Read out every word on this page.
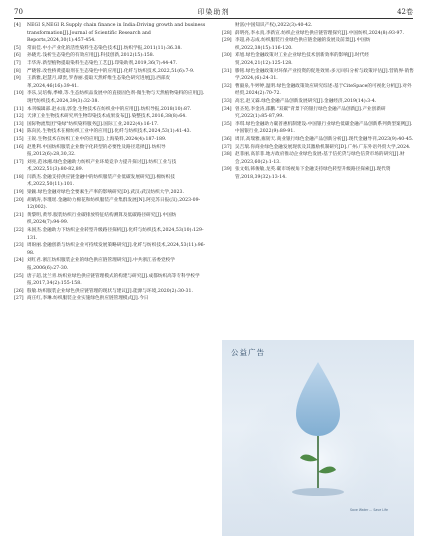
70	印染助剂	42卷
[4]	NEGI S,NEGI R.Supply chain finance in India:Driving growth and business transformation[J].Journal of Scientific Research and Reports,2024,30(1):457-454.
[5]	常雨佳.中小产业化的活性染料生态染色技术[J].纺织学报,2011(11):36.38.
[6]	孙晓光.浅析生态染色的有效应用[J].科技创新,2012(15):158.
[7]	丰华涛.新型植物提取染料生态染色工艺[J].印染助剂,2019,36(7):44-47.
[8]	严晓蓉.改性桥黄提取剂在生态染色中的应用[J].化纤与纺织技术,2022,51(6):7-9.
[9]	王新雅,赵慧月,谭贵,罗春丽.提取天然纤维生态染色研究进展[J].西部皮革,2024,46(16):39-41.
[10] 李乐,吴培梅,季峰,等.生态纺织品发展中的直接固色剂-微生物与天然植物染料的应用[J].现代纺织技术,2024,39(3):32-38.
[11] 本刊编辑部.赵永雨,郭金.生物技术在纺织业中的应用[J].纺织导报,2018(10):87.
[12] 天津工业生物技术研究所生物印染技术成果发布[J].染整技术,2016,38(8):64.
[13] 国际物流集团"染绿"纺织染料服务[J].国际工业,2022(4):16-17.
[14] 陈向民.生物技术在棉纺织工业中的应用[J].化纤与纺织技术,2024,53(1):41-43.
[15] 王锐.生物技术在纺织工业中的应用[J].上海染料,2024(4):187-189.
[16] 赵胜利.中国纺织服装企业数字化转型的必要性及路径选择[J].纺织导报,2012(6):28,30,32.
[17] 刘亮,范冰湘.绿色金融助力纺织产业环境竞争力提升探讨[J].纺织工业与技术,2022,51(3):80-82,89.
[18] 闫新杰.金融支持供应链金融中的纺织服装产业低碳发展研究[J].棉纺织技术,2022,50(11):101.
[19] 梁颖.绿色金融对绿色全要素生产率的影响研究[D].武汉:武汉纺织大学,2023.
[20] 胡晴涛,李瑾瑶.金融助力棉花和纺织服装产业集群发展[N].阿克苏日报(汉),2023-09-12(002).
[21] 黄黎明,黄琴.服装纺织行业碳排放特征结构测算及低碳路径研究[J].中国纺织,2024(7):94-99.
[22] 朱国杰.金融助力下纺织企业转型升级路径探析[J].化纤与纺织技术,2024,53(10):129-131.
[23] 周盼丽.金融创新与纺织企业可持续发展策略研究[J].化纤与纺织技术,2024,53(11):96-98.
[24] 刘红君.浙江纺织服装企业的绿色供应链管理研究[J].中共浙江省委党校学报,2006(6):27-30.
[25] 唐子超,沈兰青.纺织业绿色供应链管理模式的构建与研究[J].成都纺织高等专科学校学报,2017,34(2):155-158.
[26] 殷敏.纺织服装企业绿色供应链管理的现状与建议[J].能源与环境,2020(2):30-31.
[27] 商庄红,李琳.纺织服装企业实施绿色供应链管理模式[J].今日
财富(中国知识产权),2022(3):40-42.
[28] 薛明亮,李永真,李新宣.纺织企业绿色供应链管理探究[J].中国纺织,2024(8):93-97.
[29] 李超,孙志成.纺织服装行业绿色供应链金融的发展及前景[J].中国纺织,2022,38(15):116-120.
[30] 邓旭.绿色金融政策对工业企业绿色技术创新效率的影响[J].时代经贸,2024,21(12):125-128.
[31] 滕铭.绿色金融政策对环保产业投资的促进效果:多元回归分析与政策评估[J].营销界·销售学,2024,(6):24-31.
[32] 曹毅泉,牛婷婷,温明.绿色金融政策效应研究综述:基于CiteSpace的可视化分析[J].对外经贸,2024(2):70-72.
[33] 高宏,赵又霖.绿色金融产品创新发展研究[J].金融经济,2019(14):3-4.
[34] 曾圣苑,李金涛,邵鹏."双碳"背景下的银行绿色金融产品创新[J].产业创新研究,2022(1):85-87,99.
[35] 李琪.绿色金融助力碳普惠机制建设:中国银行业绿色低碳金融产品创新系列典型案例[J].中国银行业,2022(9):89-91.
[36] 周洋,高瑞雅,雍韧天.商业银行绿色金融产品创新分析[J].现代金融导刊,2023(9):40-45.
[37] 吴吉瑞.你商业绿色金融发展现状及其激励机制研究[D].广州:广东外语外贸大学,2024.
[38] 赵菲丽,高菲菲.地方政府推动企业绿色发展:基于信托贷与绿色信贷市场的研究[J].财会,2023,60(2):1-13.
[39] 张文娟,韩俊敏,龙英.碳市场视角下金融支持绿色转型升级路径探索[J].现代资管,2018,39(32):13-14.
公益广告
Save Water ... Save Life
